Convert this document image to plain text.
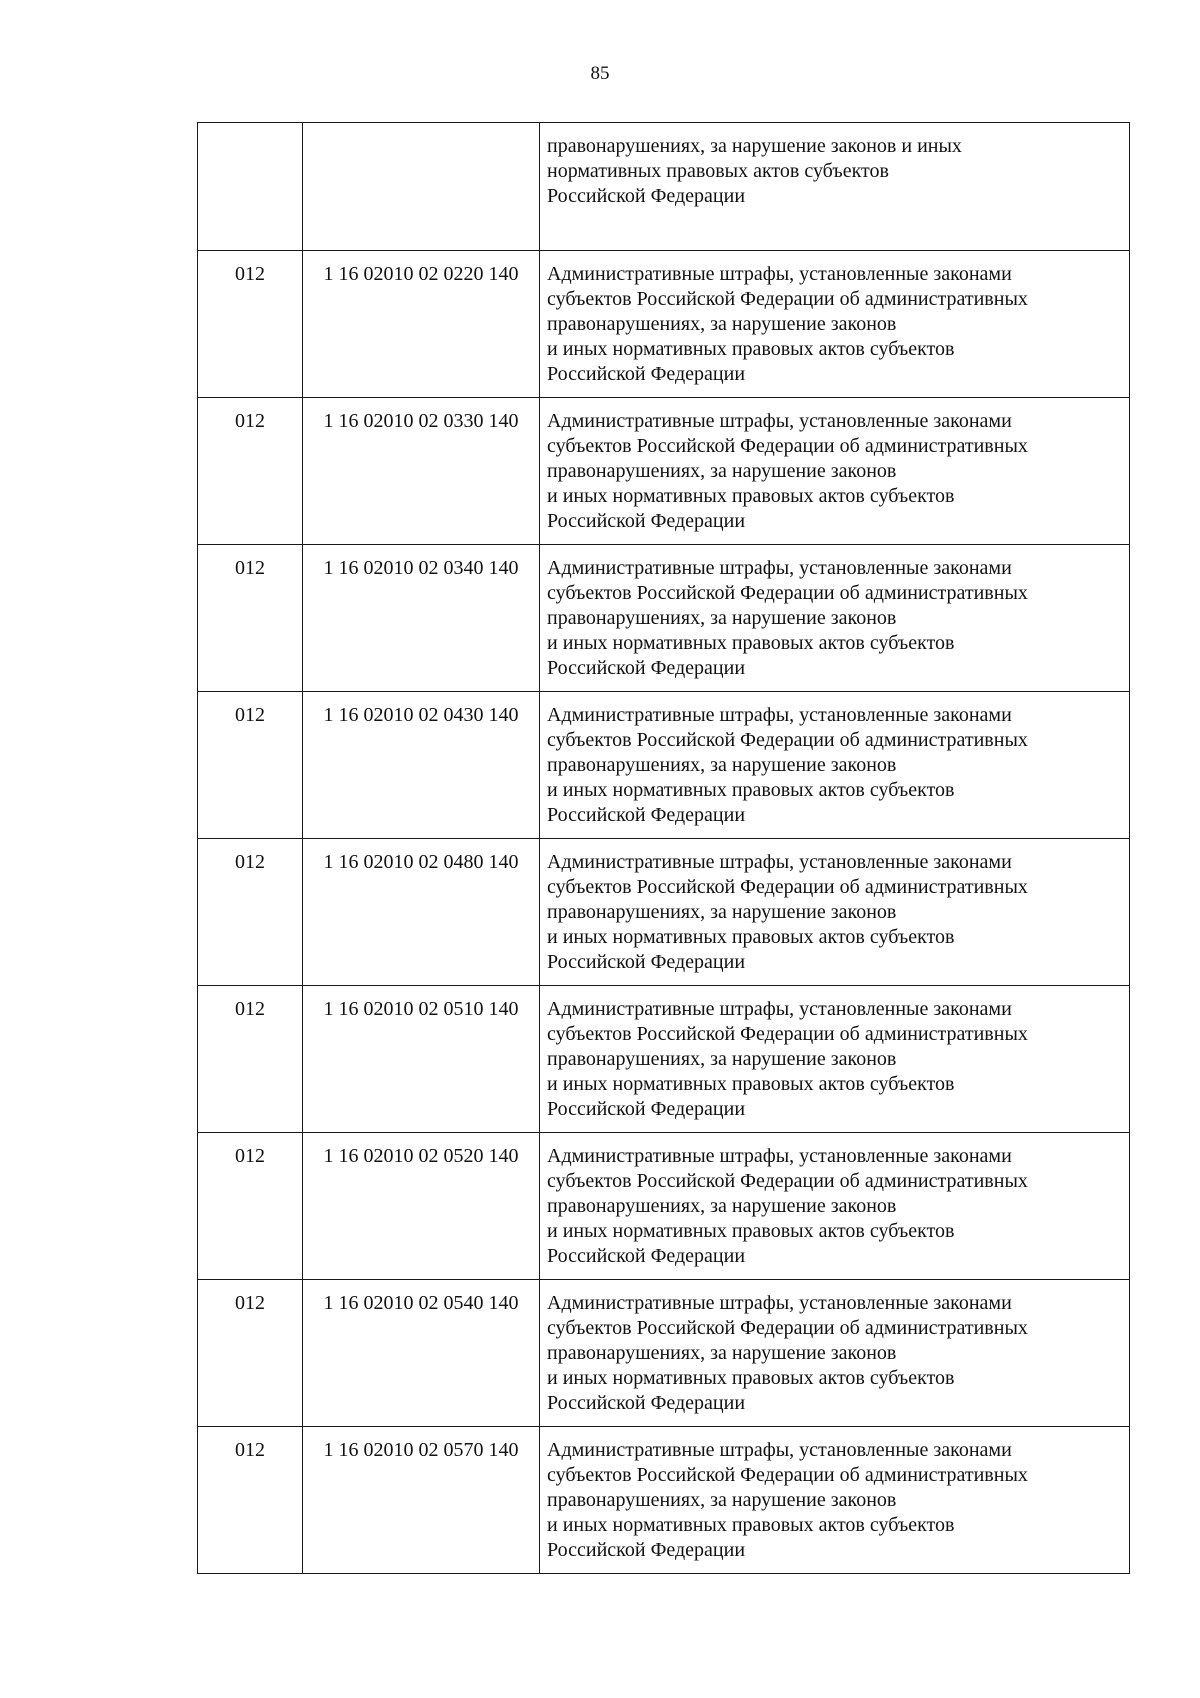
85

		правонарушениях, за нарушение законов и иных
нормативных правовых актов субъектов
Российской Федерации

012	1 16 02010 02 0220 140	Административные штрафы, установленные законами
субъектов Российской Федерации об административных
правонарушениях, за нарушение законов
и иных нормативных правовых актов субъектов
Российской Федерации

012	1 16 02010 02 0330 140	Административные штрафы, установленные законами
субъектов Российской Федерации об административных
правонарушениях, за нарушение законов
и иных нормативных правовых актов субъектов
Российской Федерации

012	1 16 02010 02 0340 140	Административные штрафы, установленные законами
субъектов Российской Федерации об административных
правонарушениях, за нарушение законов
и иных нормативных правовых актов субъектов
Российской Федерации

012	1 16 02010 02 0430 140	Административные штрафы, установленные законами
субъектов Российской Федерации об административных
правонарушениях, за нарушение законов
и иных нормативных правовых актов субъектов
Российской Федерации

012	1 16 02010 02 0480 140	Административные штрафы, установленные законами
субъектов Российской Федерации об административных
правонарушениях, за нарушение законов
и иных нормативных правовых актов субъектов
Российской Федерации

012	1 16 02010 02 0510 140	Административные штрафы, установленные законами
субъектов Российской Федерации об административных
правонарушениях, за нарушение законов
и иных нормативных правовых актов субъектов
Российской Федерации

012	1 16 02010 02 0520 140	Административные штрафы, установленные законами
субъектов Российской Федерации об административных
правонарушениях, за нарушение законов
и иных нормативных правовых актов субъектов
Российской Федерации

012	1 16 02010 02 0540 140	Административные штрафы, установленные законами
субъектов Российской Федерации об административных
правонарушениях, за нарушение законов
и иных нормативных правовых актов субъектов
Российской Федерации

012	1 16 02010 02 0570 140	Административные штрафы, установленные законами
субъектов Российской Федерации об административных
правонарушениях, за нарушение законов
и иных нормативных правовых актов субъектов
Российской Федерации
